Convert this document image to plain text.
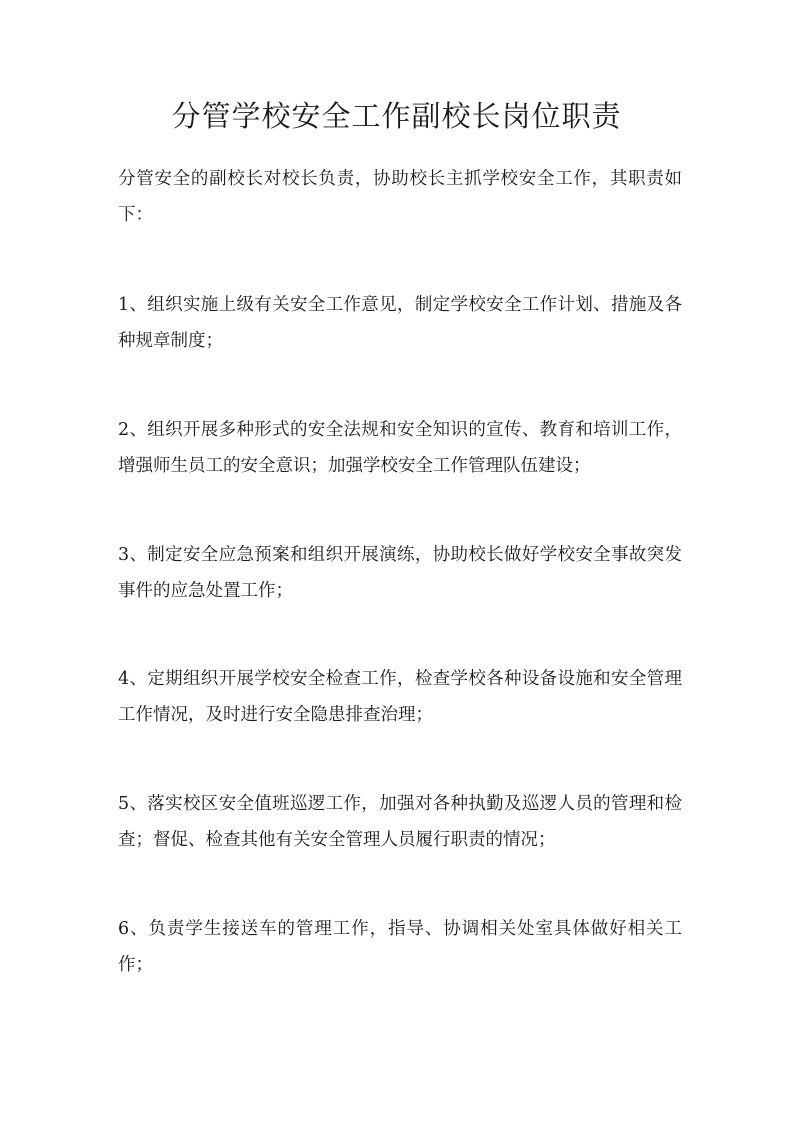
分管学校安全工作副校长岗位职责

分管安全的副校长对校长负责，协助校长主抓学校安全工作，其职责如下：

1、组织实施上级有关安全工作意见，制定学校安全工作计划、措施及各种规章制度；

2、组织开展多种形式的安全法规和安全知识的宣传、教育和培训工作，增强师生员工的安全意识；加强学校安全工作管理队伍建设；

3、制定安全应急预案和组织开展演练，协助校长做好学校安全事故突发事件的应急处置工作；

4、定期组织开展学校安全检查工作，检查学校各种设备设施和安全管理工作情况，及时进行安全隐患排查治理；

5、落实校区安全值班巡逻工作，加强对各种执勤及巡逻人员的管理和检查；督促、检查其他有关安全管理人员履行职责的情况；

6、负责学生接送车的管理工作，指导、协调相关处室具体做好相关工作；
